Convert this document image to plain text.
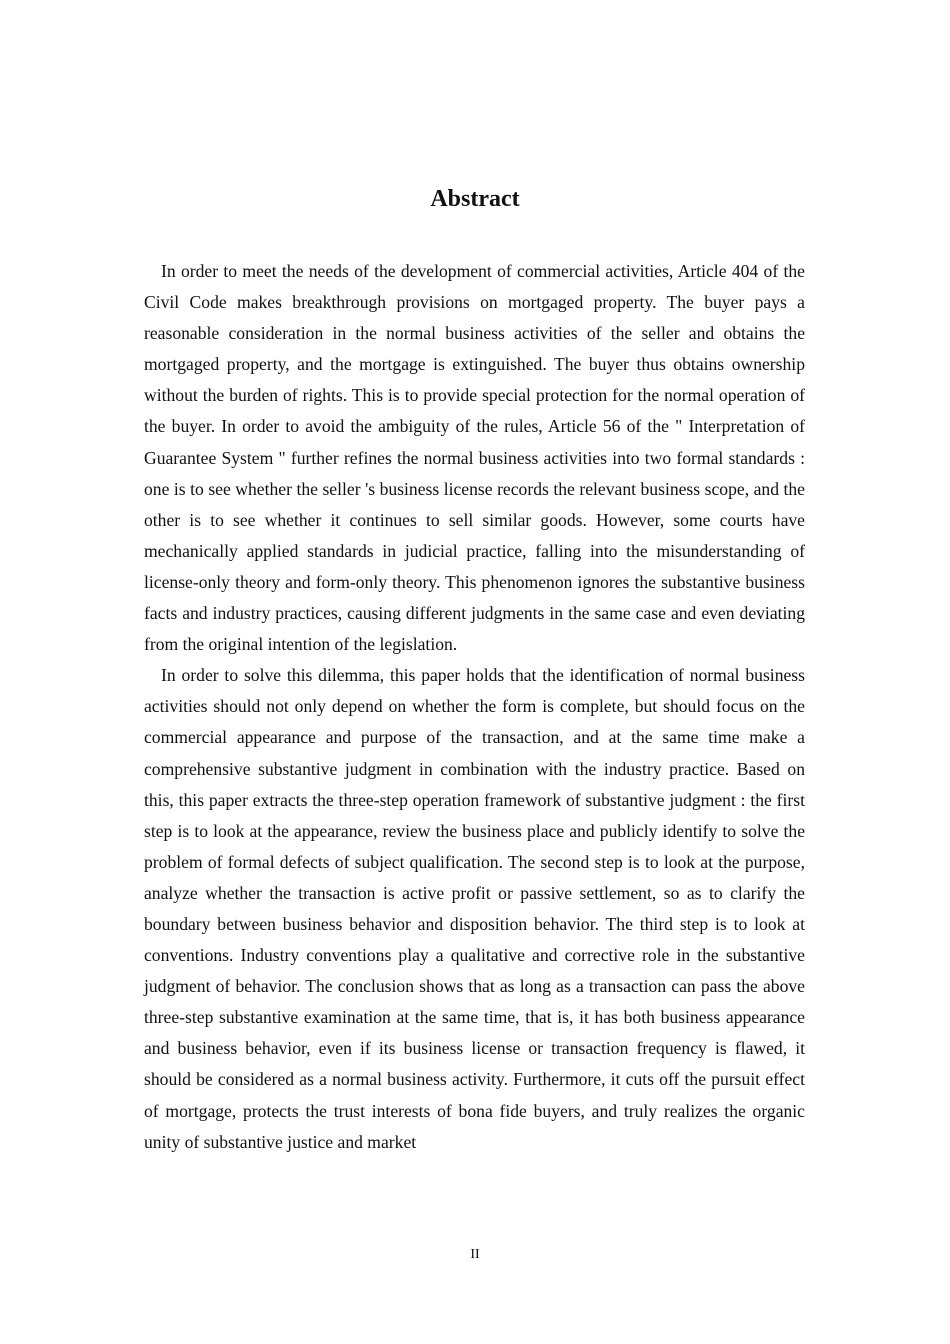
Abstract

In order to meet the needs of the development of commercial activities, Article 404 of the Civil Code makes breakthrough provisions on mortgaged property. The buyer pays a reasonable consideration in the normal business activities of the seller and obtains the mortgaged property, and the mortgage is extinguished. The buyer thus obtains ownership without the burden of rights. This is to provide special protection for the normal operation of the buyer. In order to avoid the ambiguity of the rules, Article 56 of the " Interpretation of Guarantee System " further refines the normal business activities into two formal standards : one is to see whether the seller 's business license records the relevant business scope, and the other is to see whether it continues to sell similar goods. However, some courts have mechanically applied standards in judicial practice, falling into the misunderstanding of license-only theory and form-only theory. This phenomenon ignores the substantive business facts and industry practices, causing different judgments in the same case and even deviating from the original intention of the legislation.

In order to solve this dilemma, this paper holds that the identification of normal business activities should not only depend on whether the form is complete, but should focus on the commercial appearance and purpose of the transaction, and at the same time make a comprehensive substantive judgment in combination with the industry practice. Based on this, this paper extracts the three-step operation framework of substantive judgment : the first step is to look at the appearance, review the business place and publicly identify to solve the problem of formal defects of subject qualification. The second step is to look at the purpose, analyze whether the transaction is active profit or passive settlement, so as to clarify the boundary between business behavior and disposition behavior. The third step is to look at conventions. Industry conventions play a qualitative and corrective role in the substantive judgment of behavior. The conclusion shows that as long as a transaction can pass the above three-step substantive examination at the same time, that is, it has both business appearance and business behavior, even if its business license or transaction frequency is flawed, it should be considered as a normal business activity. Furthermore, it cuts off the pursuit effect of mortgage, protects the trust interests of bona fide buyers, and truly realizes the organic unity of substantive justice and market

II
